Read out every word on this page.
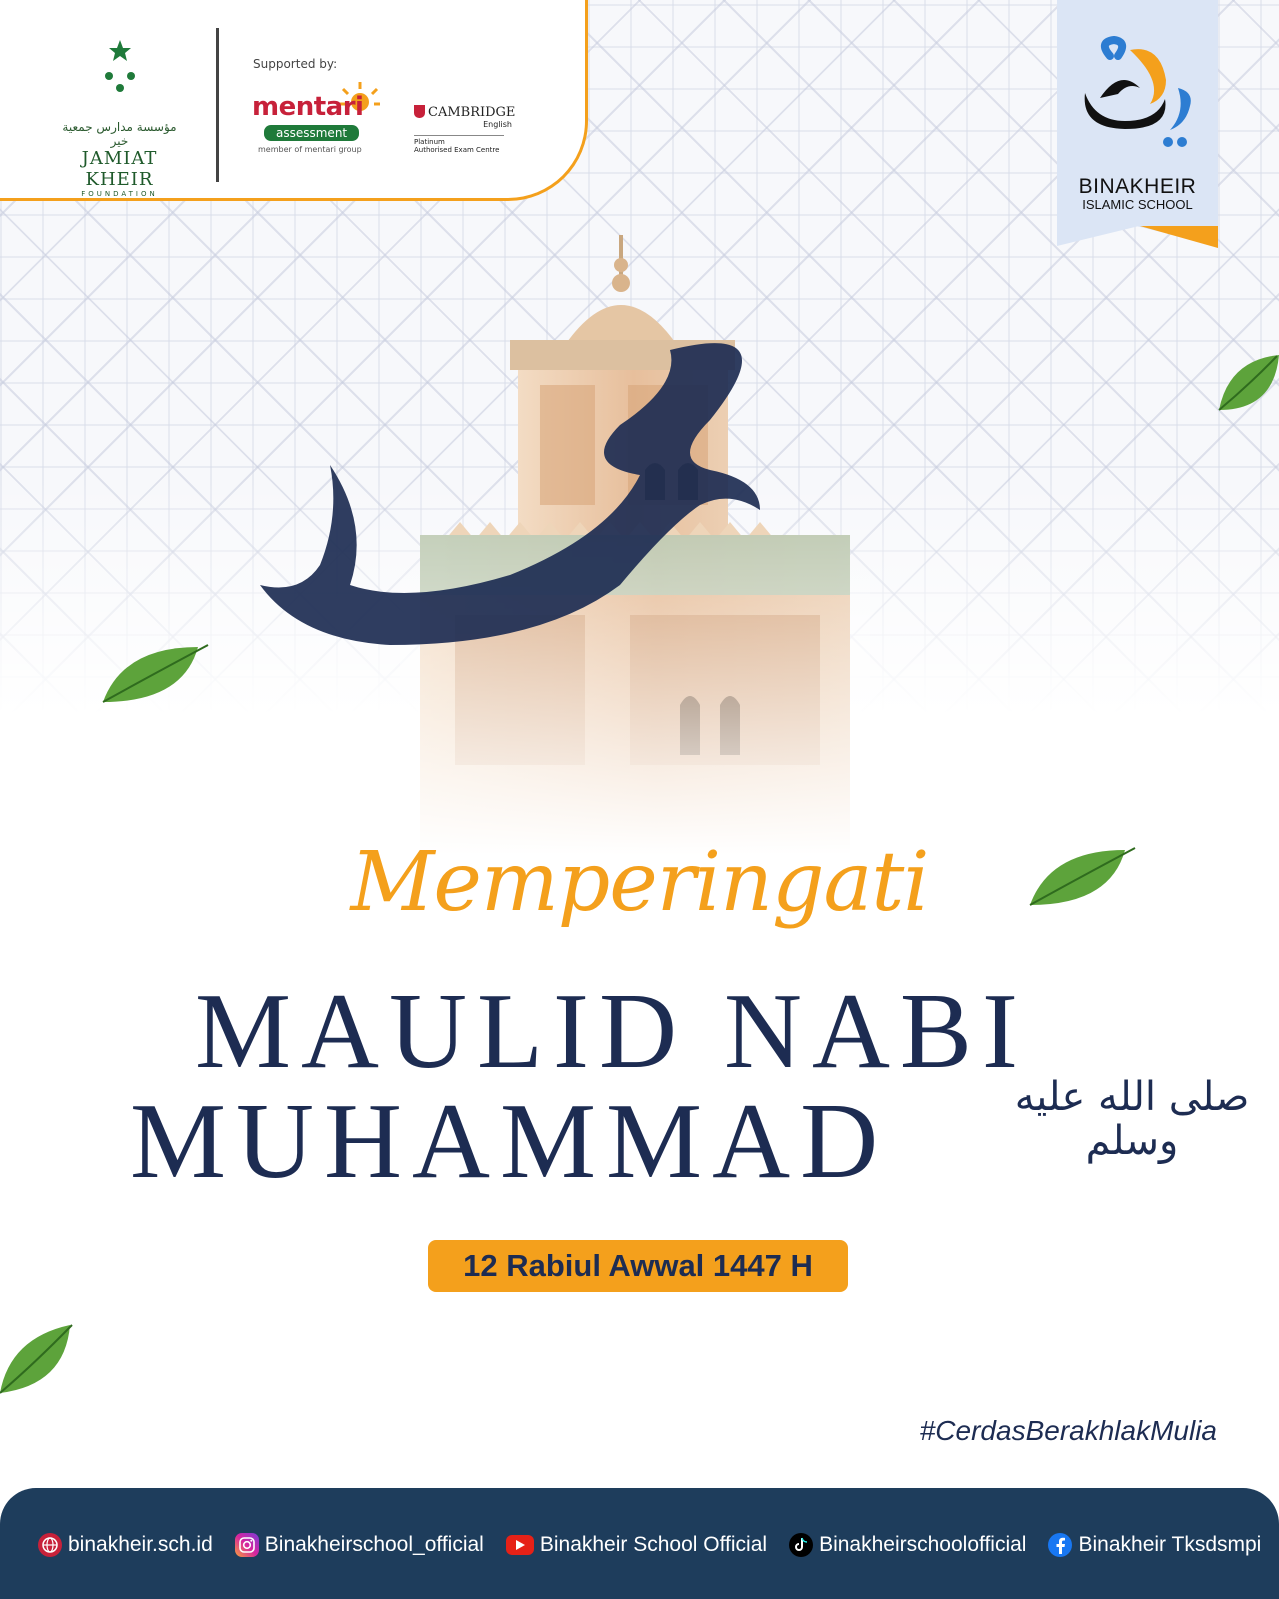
مؤسسة مدارس جمعية خير
JAMIAT KHEIR
FOUNDATION
Supported by:
mentari
assessment
member of mentari group
CAMBRIDGE
English
Platinum
Authorised Exam Centre
BINAKHEIR
ISLAMIC SCHOOL
Memperingati
MAULID NABI
MUHAMMAD	صلى الله عليه وسلم
12 Rabiul Awwal 1447 H
#CerdasBerakhlakMulia
binakheir.sch.id Binakheirschool_official	Binakheir School Official Binakheirschoolofficial Binakheir Tksdsmpi
